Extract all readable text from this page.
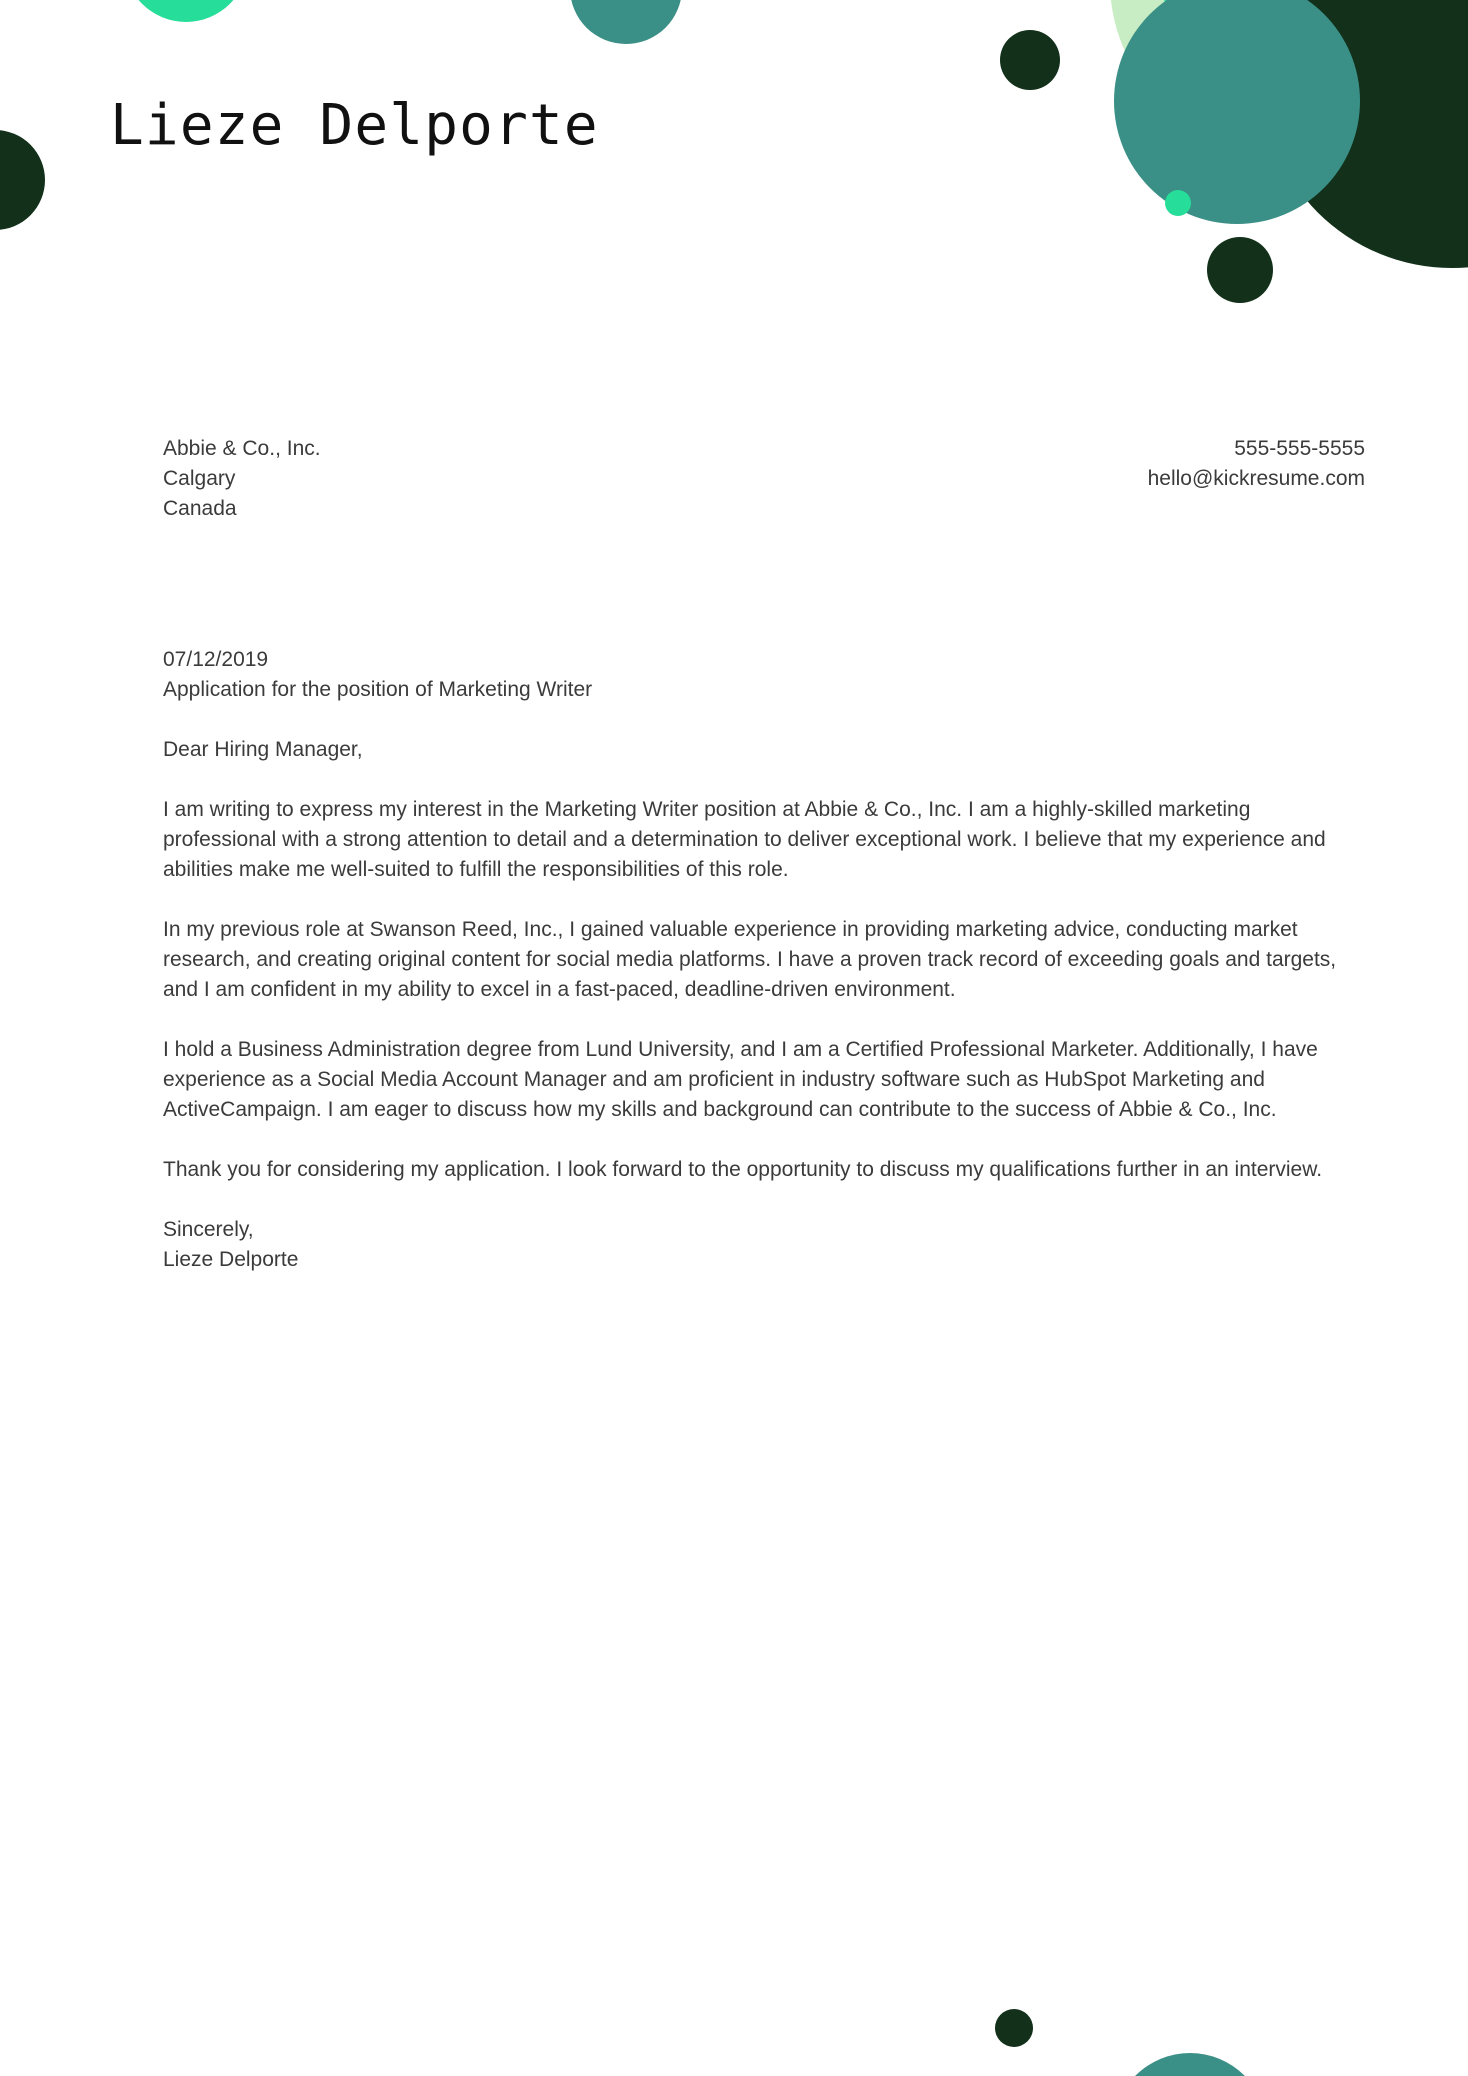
Lieze Delporte
Abbie & Co., Inc.
Calgary
Canada
555-555-5555
hello@kickresume.com
07/12/2019
Application for the position of Marketing Writer
Dear Hiring Manager,
I am writing to express my interest in the Marketing Writer position at Abbie & Co., Inc. I am a highly-skilled marketing professional with a strong attention to detail and a determination to deliver exceptional work. I believe that my experience and abilities make me well-suited to fulfill the responsibilities of this role.
In my previous role at Swanson Reed, Inc., I gained valuable experience in providing marketing advice, conducting market research, and creating original content for social media platforms. I have a proven track record of exceeding goals and targets, and I am confident in my ability to excel in a fast-paced, deadline-driven environment.
I hold a Business Administration degree from Lund University, and I am a Certified Professional Marketer. Additionally, I have experience as a Social Media Account Manager and am proficient in industry software such as HubSpot Marketing and ActiveCampaign. I am eager to discuss how my skills and background can contribute to the success of Abbie & Co., Inc.
Thank you for considering my application. I look forward to the opportunity to discuss my qualifications further in an interview.
Sincerely,
Lieze Delporte
